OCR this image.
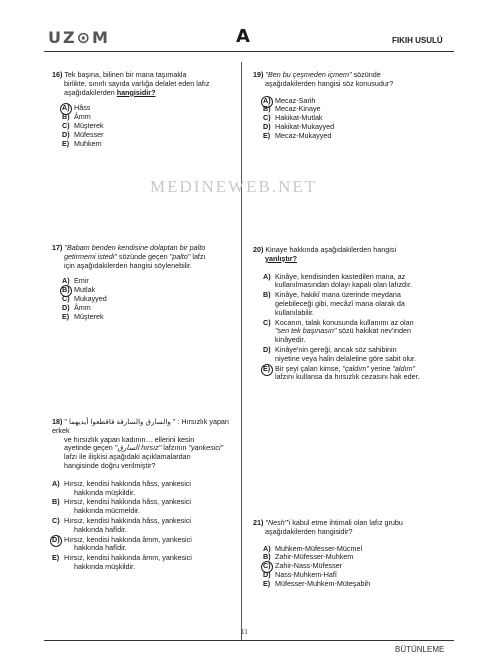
UZ⊙M	A	FIKIH USULÜ
MEDINEWEB.NET
16) Tek başına, bilinen bir mana taşımakla
birlikte, sınırlı sayıda varlığa delalet eden lafız
aşağıdakilerden hangisidir?
A) Hâss
B) Âmm
C) Müşterek
D) Müfesser
E) Muhkem
17) "Babam benden kendisine dolaptan bir palto
getirmemi istedi" sözünde geçen "palto" lafzı
için aşağıdakilerden hangisi söylenebilir.
A) Emir
B) Mutlak
C) Mukayyed
D) Âmm
E) Müşterek
18) " والسارق والسارقة فاقطعوا أيديهما " : Hırsızlık yapan erkek
ve hırsızlık yapan kadının… ellerini kesin
ayetinde geçen "السارق hırsız" lafzının "yankesici"
lafzı ile ilişkisi aşağıdaki açıklamalardan
hangisinde doğru verilmiştir?
A) Hırsız, kendisi hakkında hâss, yankesici
hakkında müşkildir.
B) Hırsız, kendisi hakkında hâss, yankesici
hakkında mücmeldir.
C) Hırsız, kendisi hakkında hâss, yankesici
hakkında hafîdir.
D) Hırsız, kendisi hakkında âmm, yankesici
hakkında hafîdir.
E) Hırsız, kendisi hakkında âmm, yankesici
hakkında müşkildir.
19) "Ben bu çeşmeden içmem" sözünde
aşağıdakilerden hangisi söz konusudur?
A) Mecaz-Sarih
B) Mecaz-Kinaye
C) Hakikat-Mutlak
D) Hakikat-Mukayyed
E) Mecaz-Mukayyed
20) Kinaye hakkında aşağıdakilerden hangisi
yanlıştır?
A) Kinâye, kendisinden kastedilen mana, az
kullanılmasından dolayı kapalı olan lafızdır.
B) Kinâye, hakikî mana üzerinde meydana
gelebileceği gibi, mecâzî mana olarak da
kullanılabilir.
C) Kocanın, talak konusunda kullanımı az olan
"sen tek başınasın" sözü hakikat nev'inden
kinâyedir.
D) Kinâye'nin gereği, ancak söz sahibinin
niyetine veya halin delaletine göre sabit olur.
E) Bir şeyi çalan kimse, "çaldım" yerine "aldım"
lafzını kullansa da hırsızlık cezasını hak eder.
21) "Nesh"'i kabul etme ihtimali olan lafız grubu
aşağıdakilerden hangisidir?
A) Muhkem-Müfesser-Mücmel
B) Zahir-Müfesser-Muhkem
C) Zahir-Nass-Müfesser
D) Nass-Muhkem-Hafî
E) Müfesser-Muhkem-Müteşabih
11
BÜTÜNLEME
